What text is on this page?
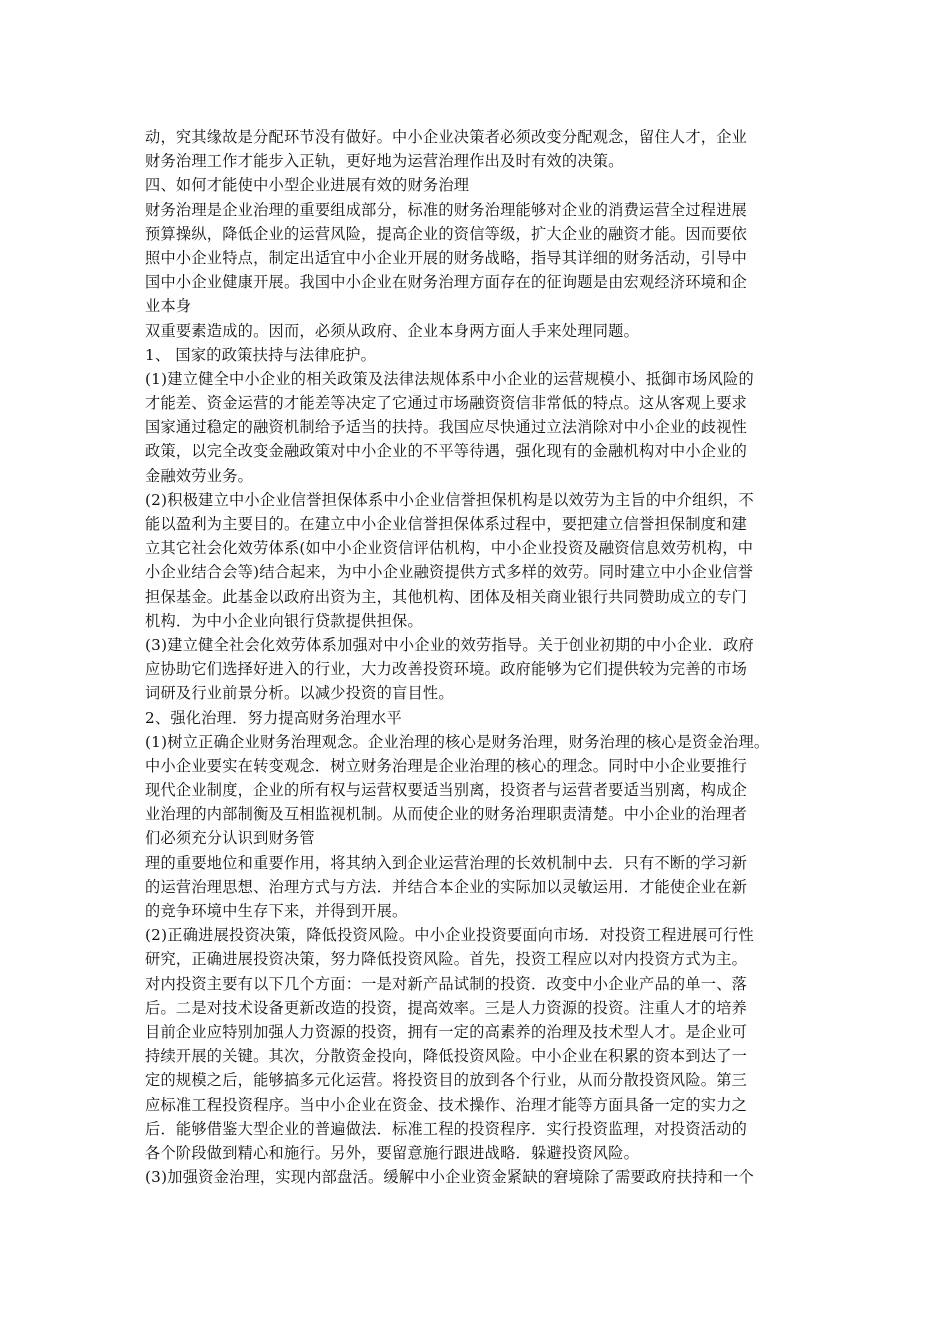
动，究其缘故是分配环节没有做好。中小企业决策者必须改变分配观念，留住人才，企业
财务治理工作才能步入正轨，更好地为运营治理作出及时有效的决策。
四、如何才能使中小型企业进展有效的财务治理
财务治理是企业治理的重要组成部分，标准的财务治理能够对企业的消费运营全过程进展
预算操纵，降低企业的运营风险，提高企业的资信等级，扩大企业的融资才能。因而要依
照中小企业特点，制定出适宜中小企业开展的财务战略，指导其详细的财务活动，引导中
国中小企业健康开展。我国中小企业在财务治理方面存在的征询题是由宏观经济环境和企
业本身
双重要素造成的。因而，必须从政府、企业本身两方面人手来处理同题。
1、 国家的政策扶持与法律庇护。
(1)建立健全中小企业的相关政策及法律法规体系中小企业的运营规模小、抵御市场风险的
才能差、资金运营的才能差等决定了它通过市场融资资信非常低的特点。这从客观上要求
国家通过稳定的融资机制给予适当的扶持。我国应尽快通过立法消除对中小企业的歧视性
政策，以完全改变金融政策对中小企业的不平等待遇，强化现有的金融机构对中小企业的
金融效劳业务。
(2)积极建立中小企业信誉担保体系中小企业信誉担保机构是以效劳为主旨的中介组织，不
能以盈利为主要目的。在建立中小企业信誉担保体系过程中，要把建立信誉担保制度和建
立其它社会化效劳体系(如中小企业资信评估机构，中小企业投资及融资信息效劳机构，中
小企业结合会等)结合起来，为中小企业融资提供方式多样的效劳。同时建立中小企业信誉
担保基金。此基金以政府出资为主，其他机构、团体及相关商业银行共同赞助成立的专门
机构．为中小企业向银行贷款提供担保。
(3)建立健全社会化效劳体系加强对中小企业的效劳指导。关于创业初期的中小企业．政府
应协助它们选择好进入的行业，大力改善投资环境。政府能够为它们提供较为完善的市场
词研及行业前景分析。以减少投资的盲目性。
2、强化治理．努力提高财务治理水平
(1)树立正确企业财务治理观念。企业治理的核心是财务治理，财务治理的核心是资金治理。
中小企业要实在转变观念．树立财务治理是企业治理的核心的理念。同时中小企业要推行
现代企业制度，企业的所有权与运营权要适当别离，投资者与运营者要适当别离，构成企
业治理的内部制衡及互相监视机制。从而使企业的财务治理职责清楚。中小企业的治理者
们必须充分认识到财务管
理的重要地位和重要作用，将其纳入到企业运营治理的长效机制中去．只有不断的学习新
的运营治理思想、治理方式与方法．并结合本企业的实际加以灵敏运用．才能使企业在新
的竞争环境中生存下来，并得到开展。
(2)正确进展投资决策，降低投资风险。中小企业投资要面向市场．对投资工程进展可行性
研究，正确进展投资决策，努力降低投资风险。首先，投资工程应以对内投资方式为主。
对内投资主要有以下几个方面：一是对新产品试制的投资．改变中小企业产品的单一、落
后。二是对技术设备更新改造的投资，提高效率。三是人力资源的投资。注重人才的培养
目前企业应特别加强人力资源的投资，拥有一定的高素养的治理及技术型人才。是企业可
持续开展的关键。其次，分散资金投向，降低投资风险。中小企业在积累的资本到达了一
定的规模之后，能够搞多元化运营。将投资目的放到各个行业，从而分散投资风险。第三
应标准工程投资程序。当中小企业在资金、技术操作、治理才能等方面具备一定的实力之
后．能够借鉴大型企业的普遍做法．标准工程的投资程序．实行投资监理，对投资活动的
各个阶段做到精心和施行。另外，要留意施行跟进战略．躲避投资风险。
(3)加强资金治理，实现内部盘活。缓解中小企业资金紧缺的窘境除了需要政府扶持和一个
